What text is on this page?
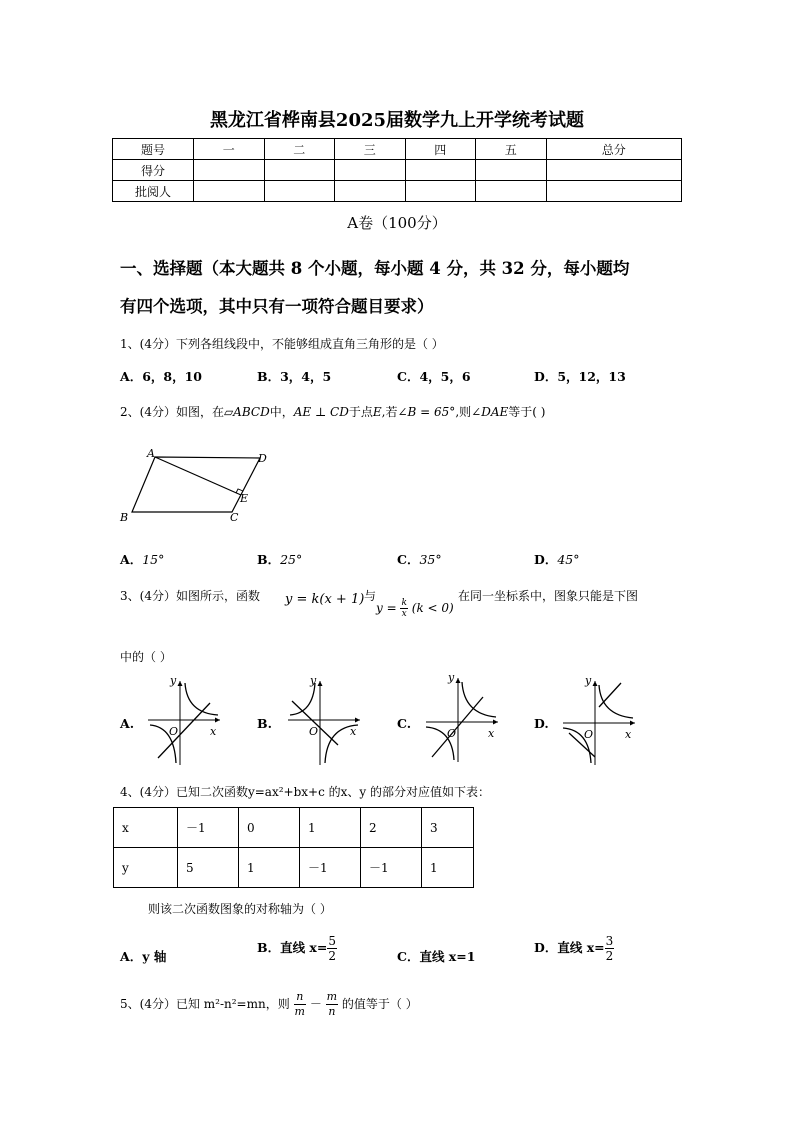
黑龙江省桦南县2025届数学九上开学统考试题
题号	一	二	三	四	五	总分
得分						
批阅人						
A卷（100分）
一、选择题（本大题共 8 个小题，每小题 4 分，共 32 分，每小题均
有四个选项，其中只有一项符合题目要求）
1、(4分）下列各组线段中，不能够组成直角三角形的是（ ）
A．6，8，10	B．3，4，5	C．4，5，6	D．5，12，13
2、(4分）如图，在▱ABCD中，AE ⊥ CD于点E,若∠B = 65°,则∠DAE等于( )
A	D
E
B	C
A．15°	B．25°	C．35°	D．45°
3、(4分）如图所示，函数 y = k(x + 1) 与
$y = \frac{k}{x} (k < 0)$
在同一坐标系中，图象只能是下图
中的（ ）
A.	B.	C.	D.
y
x
O
y
x
O
y
x
O
y
x
O
4、(4分）已知二次函数y=ax²+bx+c 的x、y 的部分对应值如下表：
x	－1	0	1	2	3
y	5	1	－1	－1	1
则该二次函数图象的对称轴为（ ）
A．y 轴
B．直线 $x= \frac{5}{2}$	C．直线 x=1
D．直线 $x= \frac{3}{2}$
5、(4分）已知 m²-n²=mn，则 $\frac{n}{m} - \frac{m}{n}$ 的值等于（ ）
